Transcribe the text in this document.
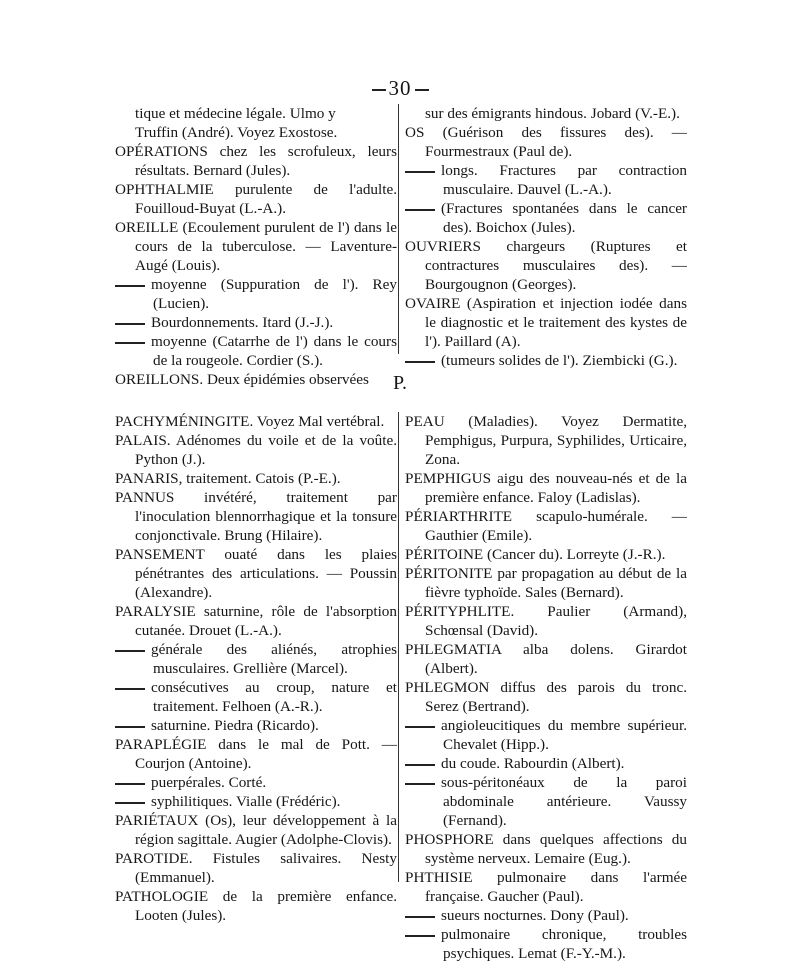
30

tique et médecine légale. Ulmo y

Truffin (André). Voyez Exostose.

OPÉRATIONS chez les scrofuleux, leurs résultats. Bernard (Jules).

OPHTHALMIE purulente de l'adulte. Fouilloud-Buyat (L.-A.).

OREILLE (Ecoulement purulent de l') dans le cours de la tuberculose. — Laventure-Augé (Louis).

moyenne (Suppuration de l'). Rey (Lucien).

Bourdonnements. Itard (J.-J.).

moyenne (Catarrhe de l') dans le cours de la rougeole. Cordier (S.).

OREILLONS. Deux épidémies observées

sur des émigrants hindous. Jobard (V.-E.).

OS (Guérison des fissures des). — Fourmestraux (Paul de).

longs. Fractures par contraction musculaire. Dauvel (L.-A.).

(Fractures spontanées dans le cancer des). Boichox (Jules).

OUVRIERS chargeurs (Ruptures et contractures musculaires des). — Bourgougnon (Georges).

OVAIRE (Aspiration et injection iodée dans le diagnostic et le traitement des kystes de l'). Paillard (A).

(tumeurs solides de l'). Ziembicki (G.).

P.

PACHYMÉNINGITE. Voyez Mal vertébral.

PALAIS. Adénomes du voile et de la voûte. Python (J.).

PANARIS, traitement. Catois (P.-E.).

PANNUS invétéré, traitement par l'inoculation blennorrhagique et la tonsure conjonctivale. Brung (Hilaire).

PANSEMENT ouaté dans les plaies pénétrantes des articulations. — Poussin (Alexandre).

PARALYSIE saturnine, rôle de l'absorption cutanée. Drouet (L.-A.).

générale des aliénés, atrophies musculaires. Grellière (Marcel).

consécutives au croup, nature et traitement. Felhoen (A.-R.).

saturnine. Piedra (Ricardo).

PARAPLÉGIE dans le mal de Pott. — Courjon (Antoine).

puerpérales. Corté.

syphilitiques. Vialle (Frédéric).

PARIÉTAUX (Os), leur développement à la région sagittale. Augier (Adolphe-Clovis).

PAROTIDE. Fistules salivaires. Nesty (Emmanuel).

PATHOLOGIE de la première enfance. Looten (Jules).

PEAU (Maladies). Voyez Dermatite, Pemphigus, Purpura, Syphilides, Urticaire, Zona.

PEMPHIGUS aigu des nouveau-nés et de la première enfance. Faloy (Ladislas).

PÉRIARTHRITE scapulo-humérale. — Gauthier (Emile).

PÉRITOINE (Cancer du). Lorreyte (J.-R.).

PÉRITONITE par propagation au début de la fièvre typhoïde. Sales (Bernard).

PÉRITYPHLITE. Paulier (Armand), Schœnsal (David).

PHLEGMATIA alba dolens. Girardot (Albert).

PHLEGMON diffus des parois du tronc. Serez (Bertrand).

angioleucitiques du membre supérieur. Chevalet (Hipp.).

du coude. Rabourdin (Albert).

sous-péritonéaux de la paroi abdominale antérieure. Vaussy (Fernand).

PHOSPHORE dans quelques affections du système nerveux. Lemaire (Eug.).

PHTHISIE pulmonaire dans l'armée française. Gaucher (Paul).

sueurs nocturnes. Dony (Paul).

pulmonaire chronique, troubles psychiques. Lemat (F.-Y.-M.).
